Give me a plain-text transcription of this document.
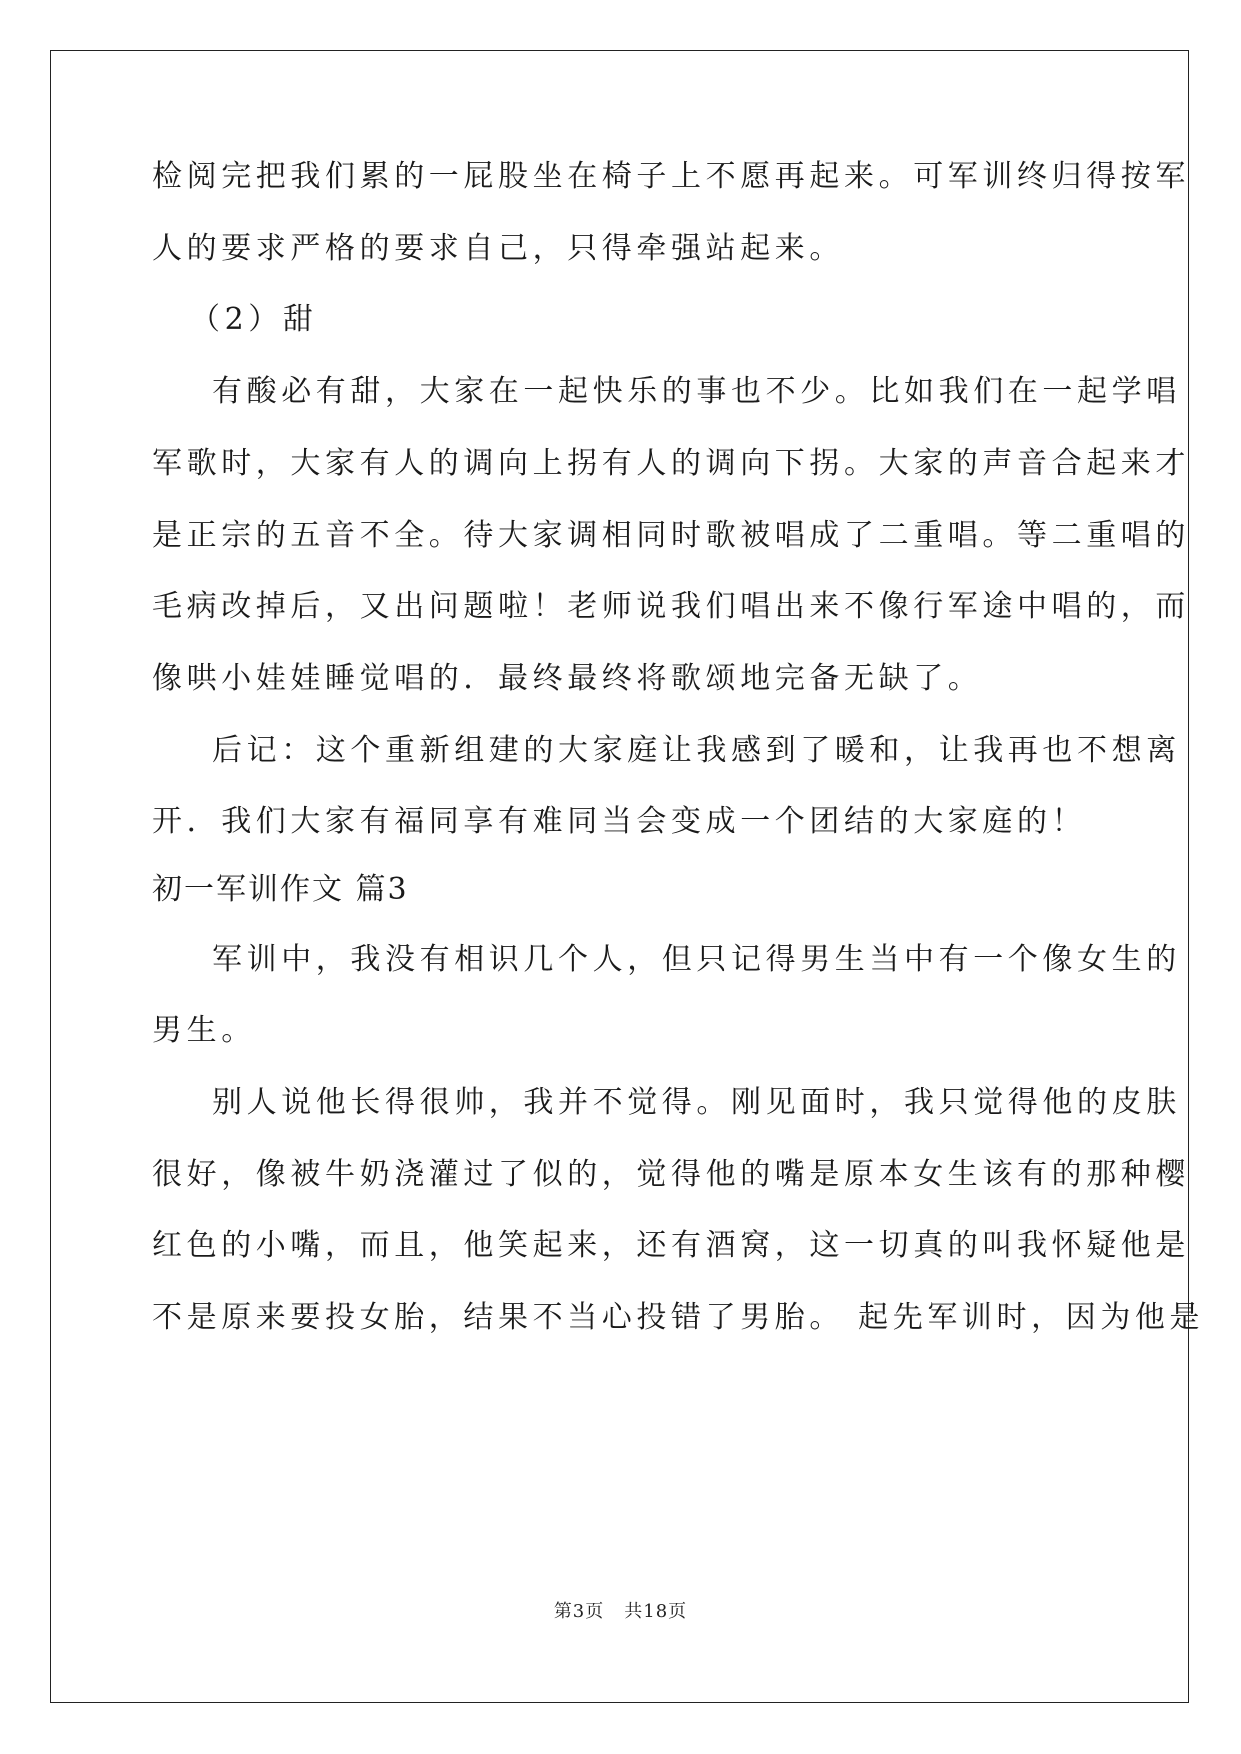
检阅完把我们累的一屁股坐在椅子上不愿再起来。可军训终归得按军
人的要求严格的要求自己，只得牵强站起来。
（2）甜
有酸必有甜，大家在一起快乐的事也不少。比如我们在一起学唱
军歌时，大家有人的调向上拐有人的调向下拐。大家的声音合起来才
是正宗的五音不全。待大家调相同时歌被唱成了二重唱。等二重唱的
毛病改掉后，又出问题啦！老师说我们唱出来不像行军途中唱的，而
像哄小娃娃睡觉唱的．最终最终将歌颂地完备无缺了。
后记：这个重新组建的大家庭让我感到了暖和，让我再也不想离
开．我们大家有福同享有难同当会变成一个团结的大家庭的！
初一军训作文 篇3
军训中，我没有相识几个人，但只记得男生当中有一个像女生的
男生。
别人说他长得很帅，我并不觉得。刚见面时，我只觉得他的皮肤
很好，像被牛奶浇灌过了似的，觉得他的嘴是原本女生该有的那种樱
红色的小嘴，而且，他笑起来，还有酒窝，这一切真的叫我怀疑他是
不是原来要投女胎，结果不当心投错了男胎。 起先军训时，因为他是
第3页 共18页
